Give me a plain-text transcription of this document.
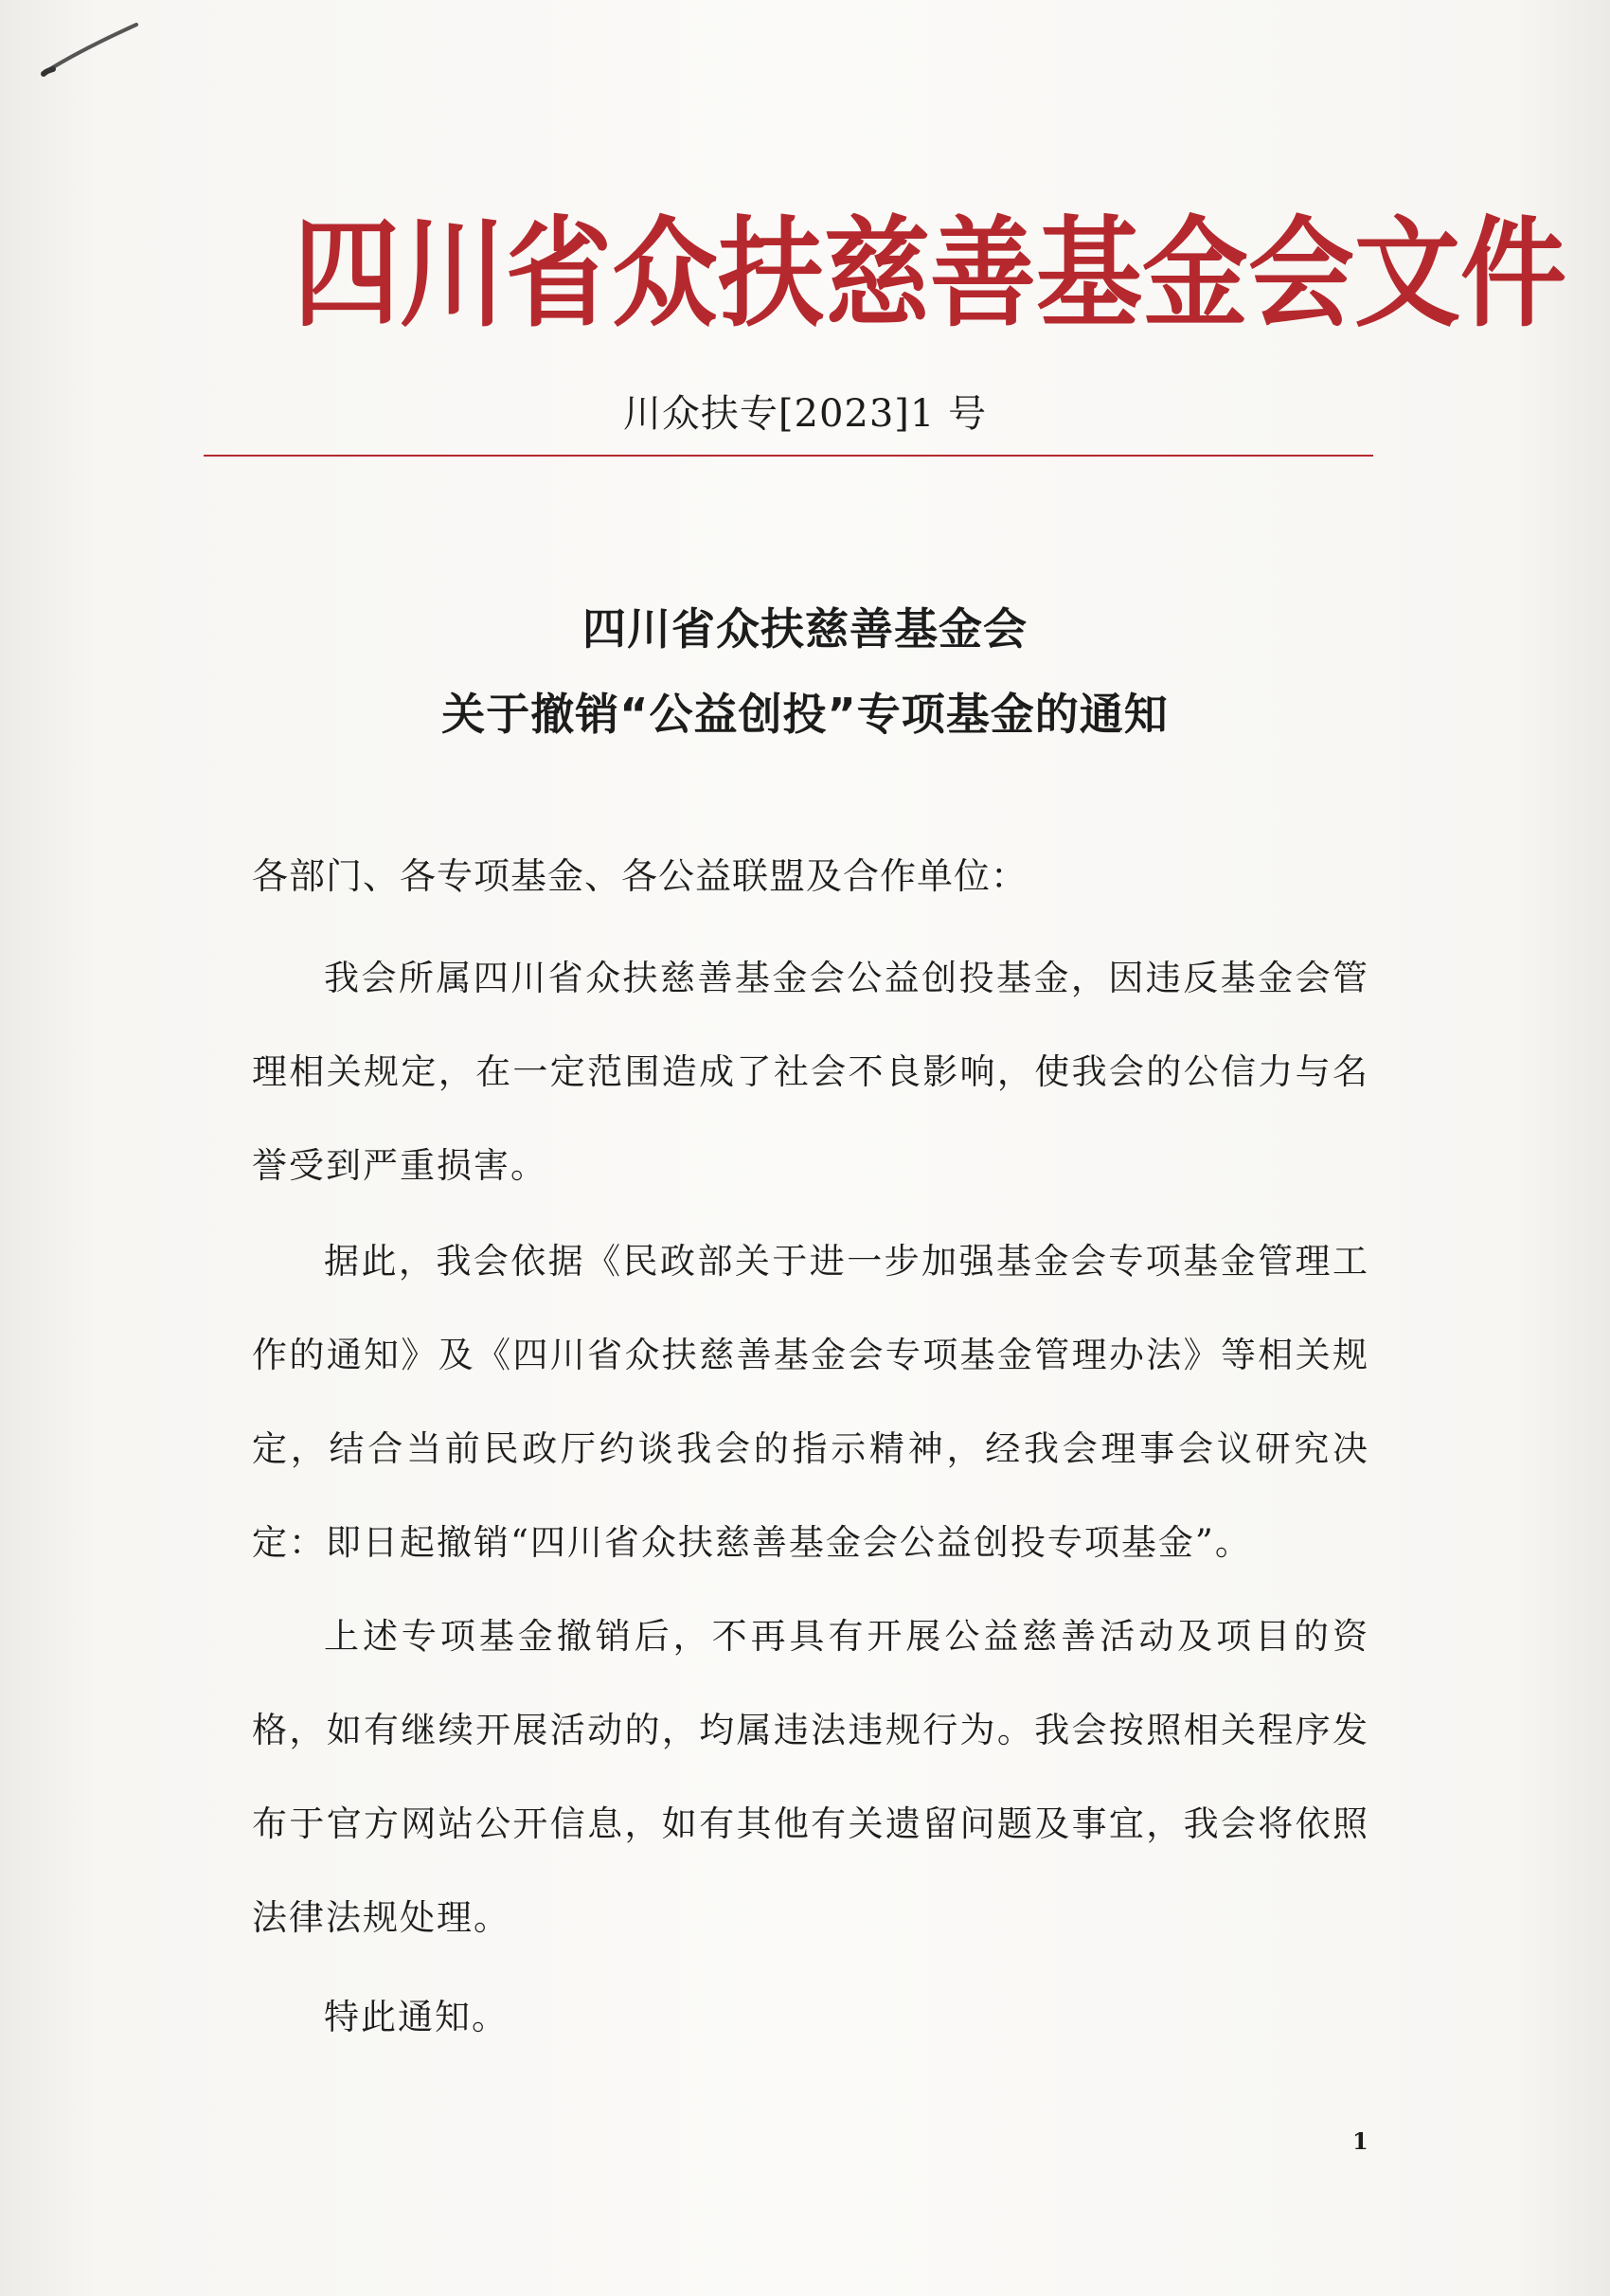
四 川 省 众 扶 慈 善 基 金 会 文 件
川众扶专[2023]1 号
四川省众扶慈善基金会
关于撤销“公益创投”专项基金的通知
各部门、各专项基金、各公益联盟及合作单位：

我会所属四川省众扶慈善基金会公益创投基金，因违反基金会管理相关规定，在一定范围造成了社会不良影响，使我会的公信力与名誉受到严重损害。

据此，我会依据《民政部关于进一步加强基金会专项基金管理工作的通知》及《四川省众扶慈善基金会专项基金管理办法》等相关规定，结合当前民政厅约谈我会的指示精神，经我会理事会议研究决定：即日起撤销“四川省众扶慈善基金会公益创投专项基金”。

上述专项基金撤销后，不再具有开展公益慈善活动及项目的资格，如有继续开展活动的，均属违法违规行为。我会按照相关程序发布于官方网站公开信息，如有其他有关遗留问题及事宜，我会将依照法律法规处理。

特此通知。

1
